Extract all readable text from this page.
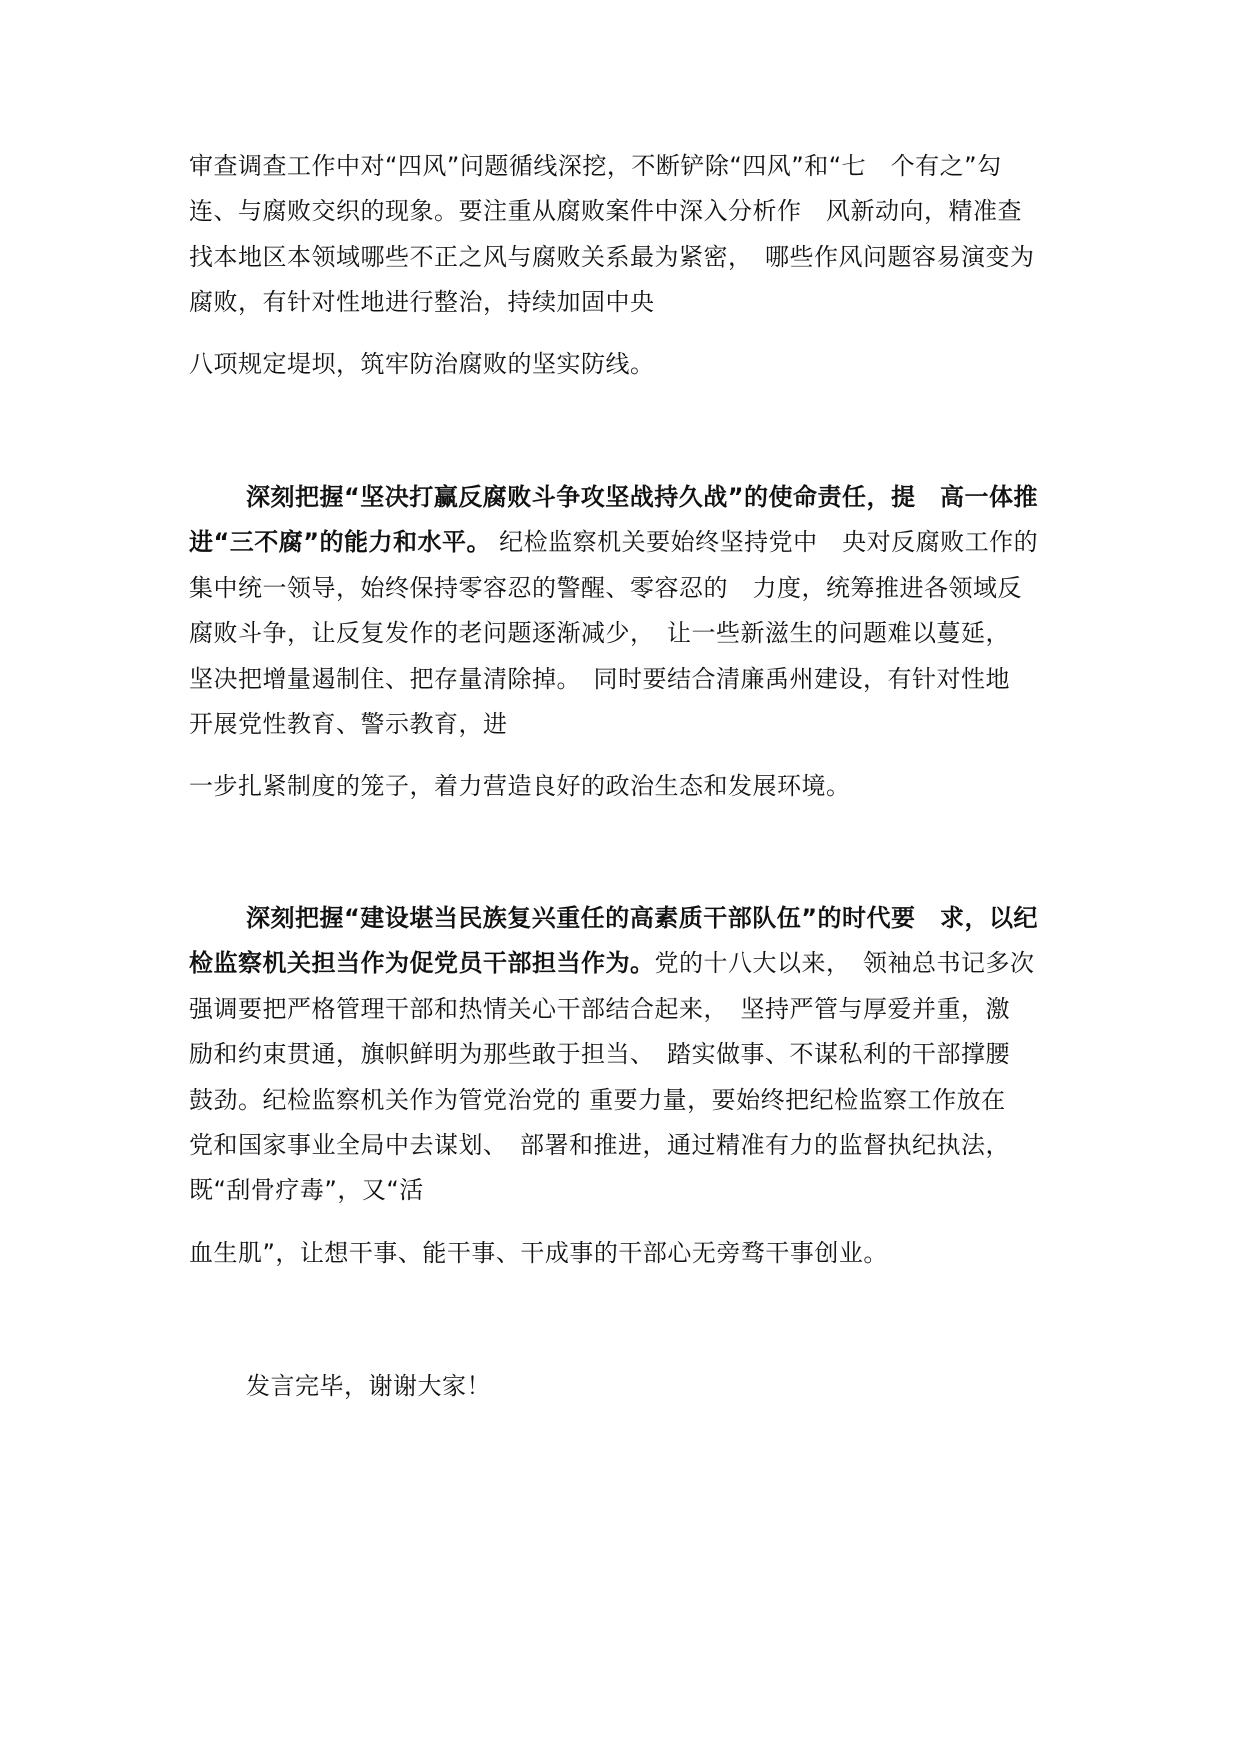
审查调查工作中对“四风”问题循线深挖，不断铲除“四风”和“七　个有之”勾
连、与腐败交织的现象。要注重从腐败案件中深入分析作　风新动向，精准查
找本地区本领域哪些不正之风与腐败关系最为紧密，　哪些作风问题容易演变为
腐败，有针对性地进行整治，持续加固中央
八项规定堤坝，筑牢防治腐败的坚实防线。
深刻把握“坚决打赢反腐败斗争攻坚战持久战”的使命责任，提　高一体推
进“三不腐”的能力和水平。 纪检监察机关要始终坚持党中　央对反腐败工作的
集中统一领导，始终保持零容忍的警醒、零容忍的　力度，统筹推进各领域反
腐败斗争，让反复发作的老问题逐渐减少，　让一些新滋生的问题难以蔓延，
坚决把增量遏制住、把存量清除掉。　同时要结合清廉禹州建设，有针对性地
开展党性教育、警示教育，进
一步扎紧制度的笼子，着力营造良好的政治生态和发展环境。
深刻把握“建设堪当民族复兴重任的高素质干部队伍”的时代要　求，以纪
检监察机关担当作为促党员干部担当作为。党的十八大以来，　领袖总书记多次
强调要把严格管理干部和热情关心干部结合起来，　坚持严管与厚爱并重，激
励和约束贯通，旗帜鲜明为那些敢于担当、　踏实做事、不谋私利的干部撑腰
鼓劲。纪检监察机关作为管党治党的 重要力量，要始终把纪检监察工作放在
党和国家事业全局中去谋划、　部署和推进，通过精准有力的监督执纪执法，
既“刮骨疗毒”，又“活
血生肌”，让想干事、能干事、干成事的干部心无旁骛干事创业。
发言完毕，谢谢大家！
